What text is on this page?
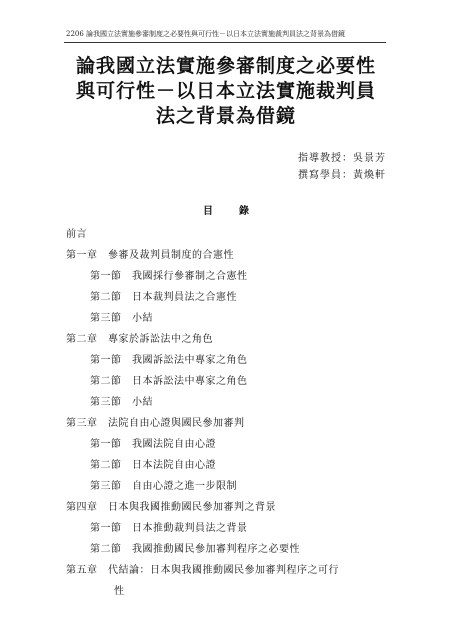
2206 論我國立法實施參審制度之必要性與可行性－以日本立法實施裁判員法之背景為借鏡
論我國立法實施參審制度之必要性
與可行性－以日本立法實施裁判員
法之背景為借鏡
指導教授：吳景芳
撰寫學員：黃煥軒
目錄
前言
第一章　參審及裁判員制度的合憲性
第一節　我國採行參審制之合憲性
第二節　日本裁判員法之合憲性
第三節　小結
第二章　專家於訴訟法中之角色
第一節　我國訴訟法中專家之角色
第二節　日本訴訟法中專家之角色
第三節　小結
第三章　法院自由心證與國民參加審判
第一節　我國法院自由心證
第二節　日本法院自由心證
第三節　自由心證之進一步限制
第四章　日本與我國推動國民參加審判之背景
第一節　日本推動裁判員法之背景
第二節　我國推動國民參加審判程序之必要性
第五章　代結論：日本與我國推動國民參加審判程序之可行
性
